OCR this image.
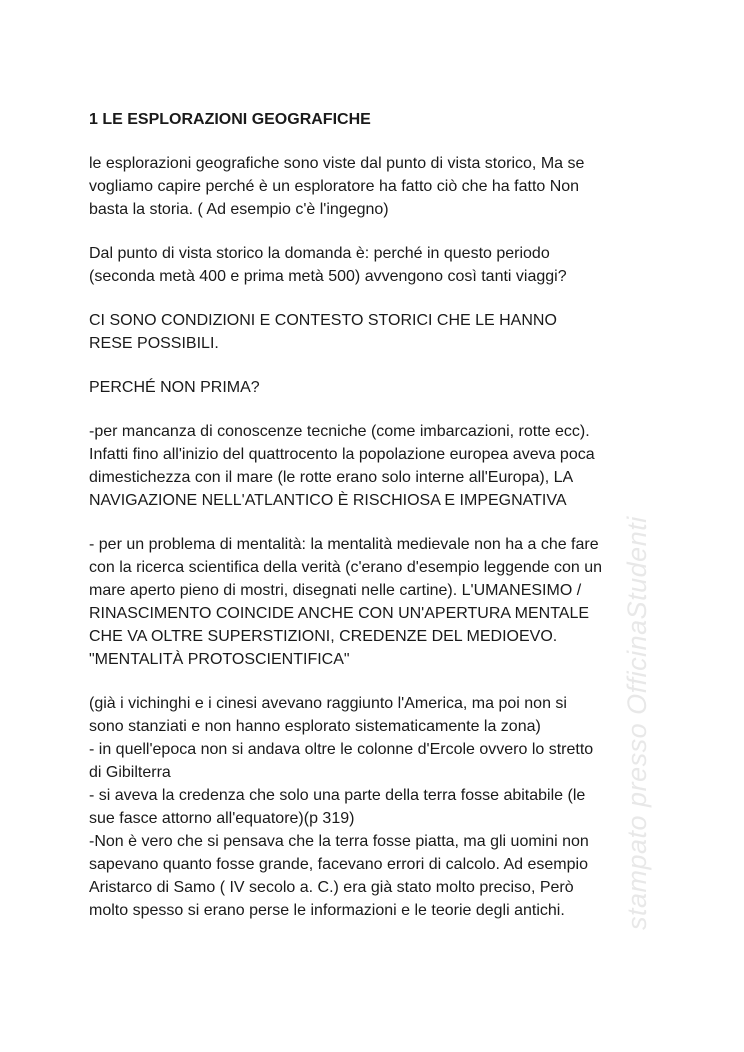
1 LE ESPLORAZIONI GEOGRAFICHE
le esplorazioni geografiche sono viste dal punto di vista storico, Ma se
vogliamo capire perché è un esploratore ha fatto ciò che ha fatto Non
basta la storia. ( Ad esempio c'è l'ingegno)
Dal punto di vista storico la domanda è: perché in questo periodo
(seconda metà 400 e prima metà 500) avvengono così tanti viaggi?
CI SONO CONDIZIONI E CONTESTO STORICI CHE LE HANNO
RESE POSSIBILI.
PERCHÉ NON PRIMA?
-per mancanza di conoscenze tecniche (come imbarcazioni, rotte ecc).
Infatti fino all'inizio del quattrocento la popolazione europea aveva poca
dimestichezza con il mare (le rotte erano solo interne all'Europa), LA
NAVIGAZIONE NELL'ATLANTICO È RISCHIOSA E IMPEGNATIVA
- per un problema di mentalità: la mentalità medievale non ha a che fare
con la ricerca scientifica della verità (c'erano d'esempio leggende con un
mare aperto pieno di mostri, disegnati nelle cartine). L'UMANESIMO /
RINASCIMENTO COINCIDE ANCHE CON UN'APERTURA MENTALE
CHE VA OLTRE SUPERSTIZIONI, CREDENZE DEL MEDIOEVO.
"MENTALITÀ PROTOSCIENTIFICA"
(già i vichinghi e i cinesi avevano raggiunto l'America, ma poi non si
sono stanziati e non hanno esplorato sistematicamente la zona)
- in quell'epoca non si andava oltre le colonne d'Ercole ovvero lo stretto
di Gibilterra
- si aveva la credenza che solo una parte della terra fosse abitabile (le
sue fasce attorno all'equatore)(p 319)
-Non è vero che si pensava che la terra fosse piatta, ma gli uomini non
sapevano quanto fosse grande, facevano errori di calcolo. Ad esempio
Aristarco di Samo ( IV secolo a. C.) era già stato molto preciso, Però
molto spesso si erano perse le informazioni e le teorie degli antichi.	stampato presso OfficinaStudenti
